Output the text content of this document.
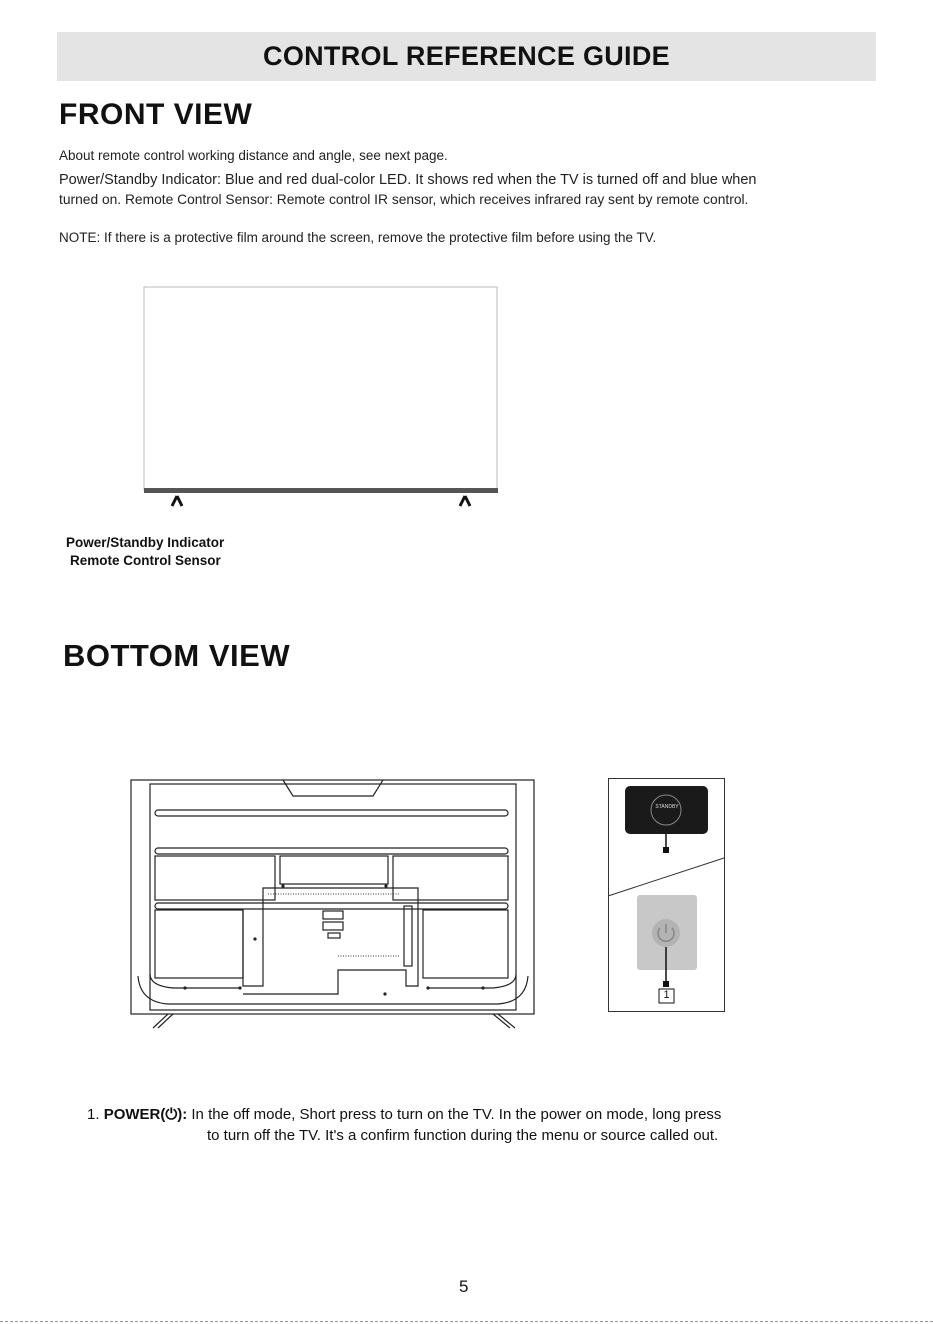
CONTROL REFERENCE GUIDE
FRONT VIEW
About remote control working distance and angle, see next page.
Power/Standby Indicator: Blue and red dual-color LED. It shows red when the TV is turned off and blue when
turned on. Remote Control Sensor: Remote control IR sensor, which receives infrared ray sent by remote control.
NOTE: If there is a protective film around the screen, remove the protective film before using the TV.
Power/Standby Indicator
Remote Control Sensor
BOTTOM VIEW
STANDBY
1
1. POWER(⏻): In the off mode, Short press to turn on the TV. In the power on mode, long press
to turn off the TV. It's a confirm function during the menu or source called out.
5
